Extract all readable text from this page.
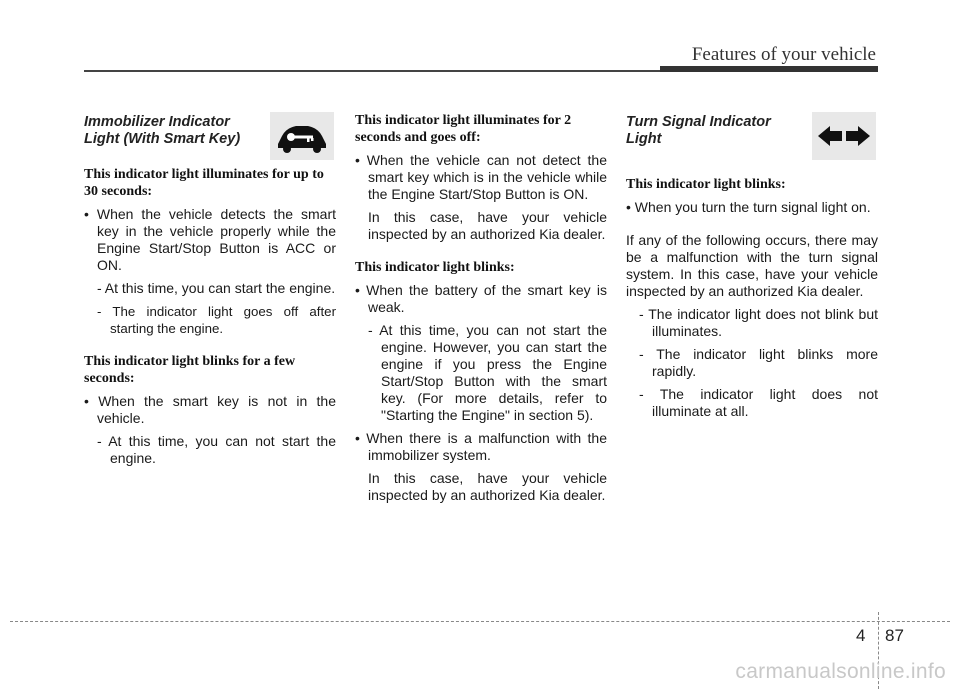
Features of your vehicle
Immobilizer Indicator
Light (With Smart Key)

This indicator light illuminates for up to 30 seconds:

• When the vehicle detects the smart key in the vehicle properly while the Engine Start/Stop Button is ACC or ON.

- At this time, you can start the engine.

- The indicator light goes off after starting the engine.

This indicator light blinks for a few seconds:

• When the smart key is not in the vehicle.

- At this time, you can not start the engine.

This indicator light illuminates for 2 seconds and goes off:

• When the vehicle can not detect the smart key which is in the vehicle while the Engine Start/Stop Button is ON.

In this case, have your vehicle inspected by an authorized Kia dealer.

This indicator light blinks:

• When the battery of the smart key is weak.

- At this time, you can not start the engine. However, you can start the engine if you press the Engine Start/Stop Button with the smart key. (For more details, refer to "Starting the Engine" in section 5).

• When there is a malfunction with the immobilizer system.

In this case, have your vehicle inspected by an authorized Kia dealer.

Turn Signal Indicator
Light

This indicator light blinks:

• When you turn the turn signal light on.

If any of the following occurs, there may be a malfunction with the turn signal system. In this case, have your vehicle inspected by an authorized Kia dealer.

- The indicator light does not blink but illuminates.

- The indicator light blinks more rapidly.

- The indicator light does not illuminate at all.

4 87
carmanualsonline.info
